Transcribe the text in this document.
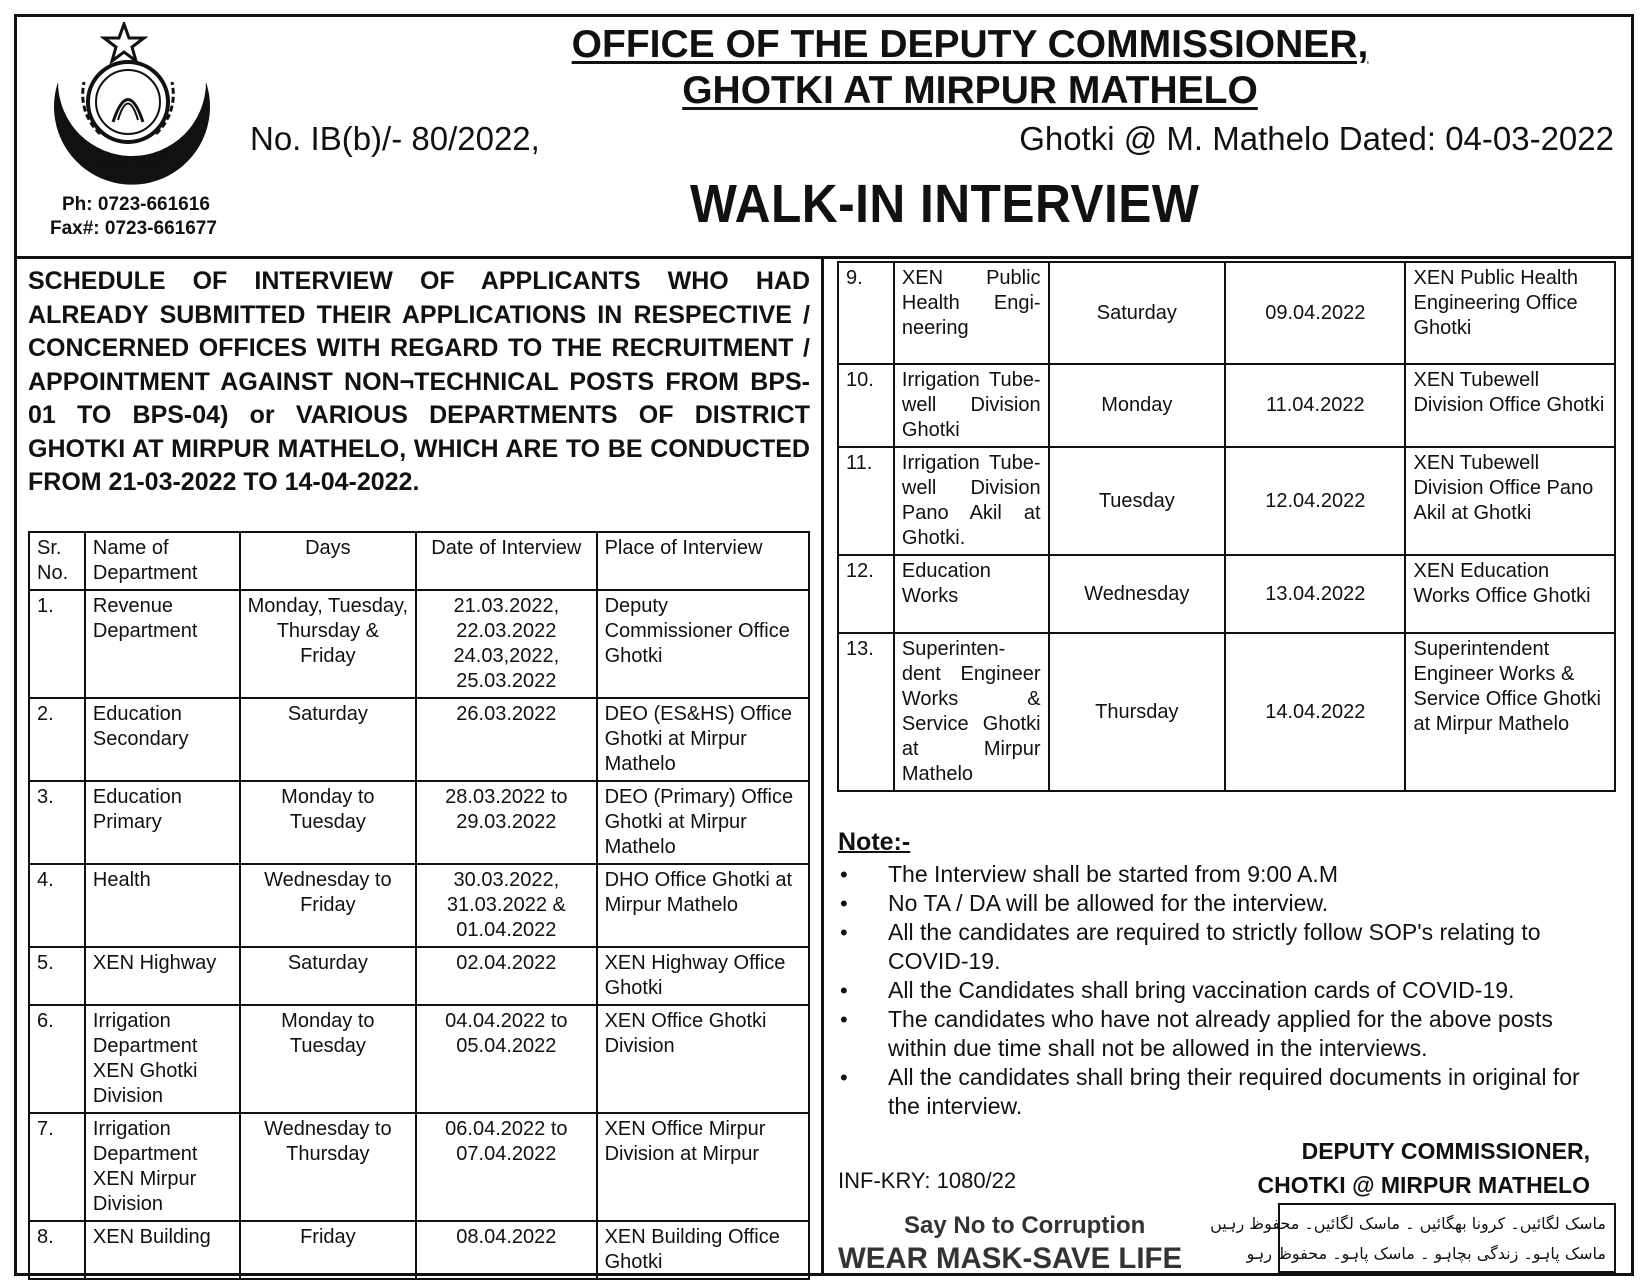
حکومت سندھ
Ph: 0723-661616
Fax#: 0723-661677
OFFICE OF THE DEPUTY COMMISSIONER,
GHOTKI AT MIRPUR MATHELO
No. IB(b)/- 80/2022,	Ghotki @ M. Mathelo Dated: 04-03-2022
WALK-IN INTERVIEW
SCHEDULE OF INTERVIEW OF APPLICANTS WHO HAD ALREADY SUBMITTED THEIR APPLICATIONS IN RESPECTIVE / CONCERNED OFFICES WITH REGARD TO THE RECRUITMENT / APPOINTMENT AGAINST NON¬TECHNICAL POSTS FROM BPS-01 TO BPS-04) or VARIOUS DEPARTMENTS OF DISTRICT GHOTKI AT MIRPUR MATHELO, WHICH ARE TO BE CONDUCTED FROM 21-03-2022 TO 14-04-2022.
Sr. No.	Name of Department	Days	Date of Interview	Place of Interview
1.	Revenue Department	Monday, Tuesday, Thursday & Friday	21.03.2022, 22.03.2022 24.03,2022, 25.03.2022	Deputy Commissioner Office Ghotki
2.	Education Secondary	Saturday	26.03.2022	DEO (ES&HS) Office Ghotki at Mirpur Mathelo
3.	Education Primary	Monday to Tuesday	28.03.2022 to 29.03.2022	DEO (Primary) Office Ghotki at Mirpur Mathelo
4.	Health	Wednesday to Friday	30.03.2022, 31.03.2022 & 01.04.2022	DHO Office Ghotki at Mirpur Mathelo
5.	XEN Highway	Saturday	02.04.2022	XEN Highway Office Ghotki
6.	Irrigation Department XEN Ghotki Division	Monday to Tuesday	04.04.2022 to 05.04.2022	XEN Office Ghotki Division
7.	Irrigation Department XEN Mirpur Division	Wednesday to Thursday	06.04.2022 to 07.04.2022	XEN Office Mirpur Division at Mirpur
8.	XEN Building	Friday	08.04.2022	XEN Building Office Ghotki
9.	XEN Public Health Engi-neering	Saturday	09.04.2022	XEN Public Health Engineering Office Ghotki
10.	Irrigation Tube-well Division Ghotki	Monday	11.04.2022	XEN Tubewell Division Office Ghotki
11.	Irrigation Tube-well Division Pano Akil at Ghotki.	Tuesday	12.04.2022	XEN Tubewell Division Office Pano Akil at Ghotki
12.	Education Works	Wednesday	13.04.2022	XEN Education Works Office Ghotki
13.	Superinten-dent Engineer Works & Service Ghotki at Mirpur Mathelo	Thursday	14.04.2022	Superintendent Engineer Works & Service Office Ghotki at Mirpur Mathelo
Note:-
• The Interview shall be started from 9:00 A.M
• No TA / DA will be allowed for the interview.
• All the candidates are required to strictly follow SOP's relating to COVID-19.
• All the Candidates shall bring vaccination cards of COVID-19.
• The candidates who have not already applied for the above posts within due time shall not be allowed in the interviews.
• All the candidates shall bring their required documents in original for the interview.
DEPUTY COMMISSIONER,
CHOTKI @ MIRPUR MATHELO
INF-KRY: 1080/22
Say No to Corruption
WEAR MASK-SAVE LIFE
ماسک لگائیں۔ کرونا بھگائیں ۔ ماسک لگائیں۔ محفوظ رہیں
ماسک پاہو۔ زندگی بچاہو ۔ ماسک پاہو۔ محفوظ رہو
